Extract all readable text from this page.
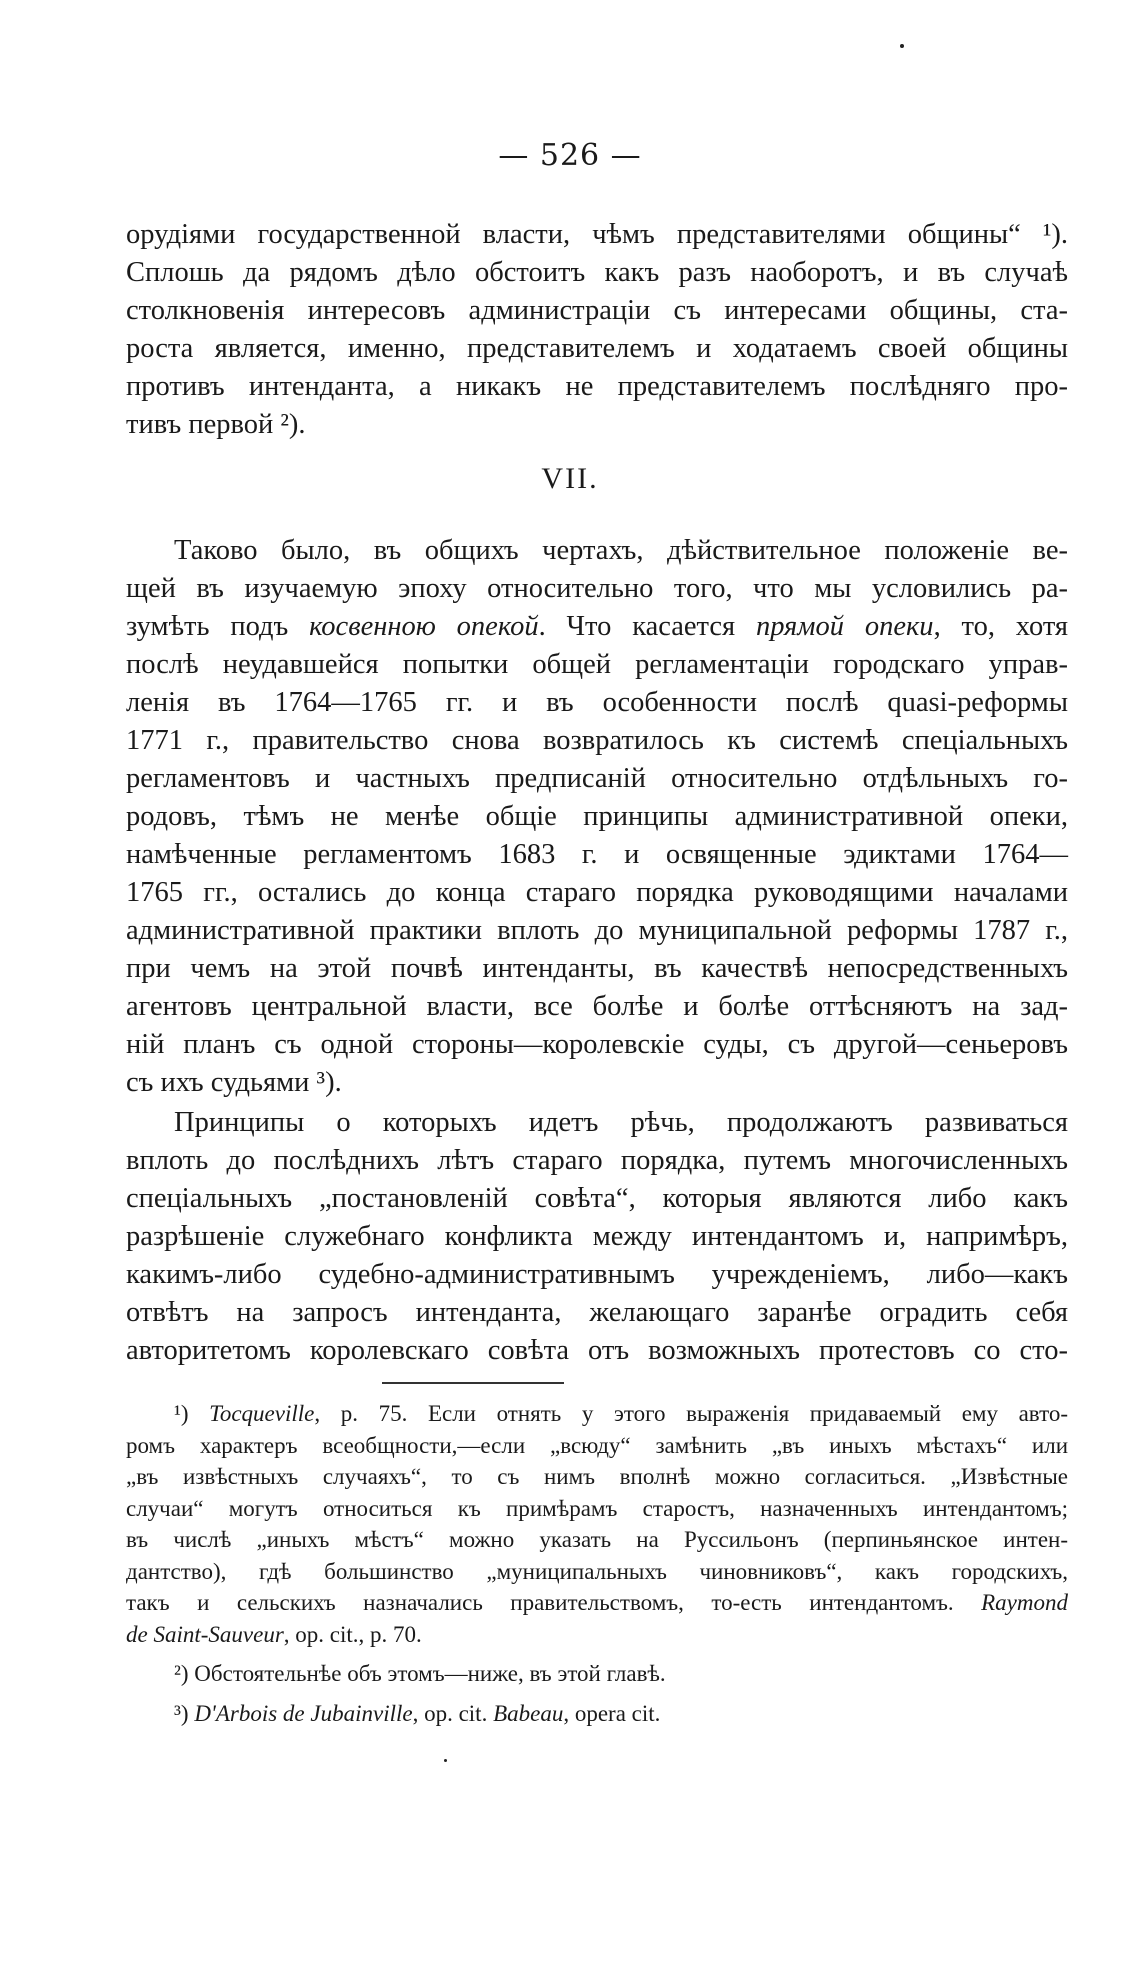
— 526 —
орудіями государственной власти, чѣмъ представителями общины“ ¹).
Сплошь да рядомъ дѣло обстоитъ какъ разъ наоборотъ, и въ случаѣ
столкновенія интересовъ администраціи съ интересами общины, ста-
роста является, именно, представителемъ и ходатаемъ своей общины
противъ интенданта, а никакъ не представителемъ послѣдняго про-
тивъ первой ²).
VII.
Таково было, въ общихъ чертахъ, дѣйствительное положеніе ве-
щей въ изучаемую эпоху относительно того, что мы условились ра-
зумѣть подъ косвенною опекой. Что касается прямой опеки, то, хотя
послѣ неудавшейся попытки общей регламентаціи городскаго управ-
ленія въ 1764—1765 гг. и въ особенности послѣ quasi-реформы
1771 г., правительство снова возвратилось къ системѣ спеціальныхъ
регламентовъ и частныхъ предписаній относительно отдѣльныхъ го-
родовъ, тѣмъ не менѣе общіе принципы административной опеки,
намѣченные регламентомъ 1683 г. и освященные эдиктами 1764—
1765 гг., остались до конца стараго порядка руководящими началами
административной практики вплоть до муниципальной реформы 1787 г.,
при чемъ на этой почвѣ интенданты, въ качествѣ непосредственныхъ
агентовъ центральной власти, все болѣе и болѣе оттѣсняютъ на зад-
ній планъ съ одной стороны—королевскіе суды, съ другой—сеньеровъ
съ ихъ судьями ³).
Принципы о которыхъ идетъ рѣчь, продолжаютъ развиваться
вплоть до послѣднихъ лѣтъ стараго порядка, путемъ многочисленныхъ
спеціальныхъ „постановленій совѣта“, которыя являются либо какъ
разрѣшеніе служебнаго конфликта между интендантомъ и, напримѣръ,
какимъ-либо судебно-административнымъ учрежденіемъ, либо—какъ
отвѣтъ на запросъ интенданта, желающаго заранѣе оградить себя
авторитетомъ королевскаго совѣта отъ возможныхъ протестовъ со сто-
¹) Tocqueville, p. 75. Если отнять у этого выраженія придаваемый ему авто-
ромъ характеръ всеобщности,—если „всюду“ замѣнить „въ иныхъ мѣстахъ“ или
„въ извѣстныхъ случаяхъ“, то съ нимъ вполнѣ можно согласиться. „Извѣстные
случаи“ могутъ относиться къ примѣрамъ старостъ, назначенныхъ интендантомъ;
въ числѣ „иныхъ мѣстъ“ можно указать на Руссильонъ (перпиньянское интен-
дантство), гдѣ большинство „муниципальныхъ чиновниковъ“, какъ городскихъ,
такъ и сельскихъ назначались правительствомъ, то-есть интендантомъ. Raymond
de Saint-Sauveur, op. cit., p. 70.
²) Обстоятельнѣе объ этомъ—ниже, въ этой главѣ.
³) D'Arbois de Jubainville, op. cit. Babeau, opera cit.
